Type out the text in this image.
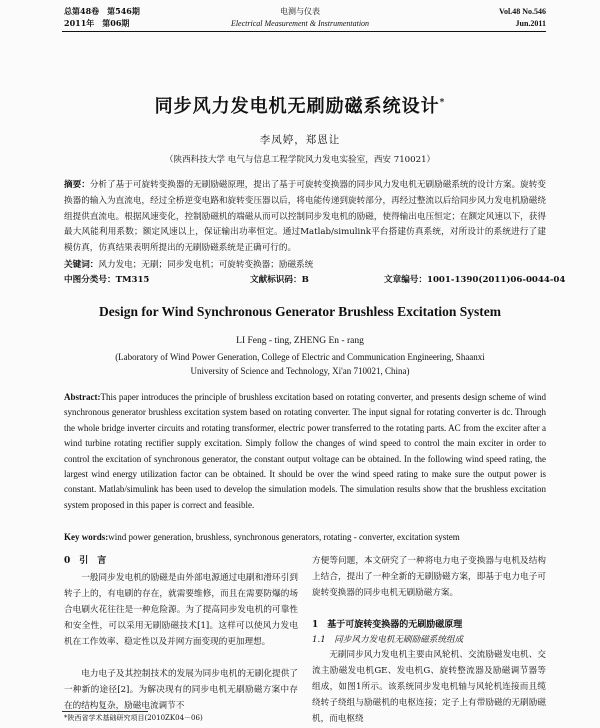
总第48卷　第546期
2011年　第06期
电测与仪表
Electrical Measurement & Instrumentation
Vol.48 No.546
Jun.2011
同步风力发电机无刷励磁系统设计*
李凤婷，郑恩让
（陕西科技大学 电气与信息工程学院风力发电实验室，西安 710021）
摘要：分析了基于可旋转变换器的无刷励磁原理，提出了基于可旋转变换器的同步风力发电机无刷励磁系统的设计方案。旋转变换器的输入为直流电，经过全桥逆变电路和旋转变压器以后，将电能传递到旋转部分，再经过整流以后给同步风力发电机励磁绕组提供直流电。根据风速变化，控制励磁机的端磁从而可以控制同步发电机的励磁，使得输出电压恒定；在额定风速以下，获得最大风能利用系数；额定风速以上，保证输出功率恒定。通过Matlab/simulink平台搭建仿真系统，对所设计的系统进行了建模仿真，仿真结果表明所提出的无刷励磁系统是正确可行的。
关键词：风力发电；无刷；同步发电机；可旋转变换器；励磁系统
中图分类号：TM315	文献标识码：B	文章编号：1001-1390(2011)06-0044-04
Design for Wind Synchronous Generator Brushless Excitation System
LI Feng - ting, ZHENG En - rang
(Laboratory of Wind Power Generation, College of Electric and Communication Engineering, Shaanxi
University of Science and Technology, Xi'an 710021, China)
Abstract:This paper introduces the principle of brushless excitation based on rotating converter, and presents design scheme of wind synchronous generator brushless excitation system based on rotating converter. The input signal for rotating converter is dc. Through the whole bridge inverter circuits and rotating transformer, electric power transferred to the rotating parts. AC from the exciter after a wind turbine rotating rectifier supply excitation. Simply follow the changes of wind speed to control the main exciter in order to control the excitation of synchronous generator, the constant output voltage can be obtained. In the following wind speed rating, the largest wind energy utilization factor can be obtained. It should be over the wind speed rating to make sure the output power is constant. Matlab/simulink has been used to develop the simulation models. The simulation results show that the brushless excitation system proposed in this paper is correct and feasible.
Key words:wind power generation, brushless, synchronous generators, rotating - converter, excitation system
0　引　言
一般同步发电机的励磁是由外部电源通过电刷和滑环引到转子上的，有电刷的存在，就需要维修，而且在需要防爆的场合电刷火花往往是一种危险源。为了提高同步发电机的可靠性和安全性，可以采用无刷励磁技术[1]。这样可以使风力发电机在工作效率、稳定性以及并网方面变现的更加理想。
电力电子及其控制技术的发展为同步电机的无刷化提供了一种新的途径[2]。为解决现有的同步电机无刷励磁方案中存在的结构复杂，励磁电流调节不
方便等问题，本文研究了一种将电力电子变换器与电机及结构上结合，提出了一种全新的无刷励磁方案，即基于电力电子可旋转变换器的同步电机无刷励磁方案。
1　基于可旋转变换器的无刷励磁原理
1.1　同步风力发电机无刷励磁系统组成
无刷同步风力发电机主要由风轮机、交流励磁发电机、交流主励磁发电机GE、发电机G、旋转整流器及励磁调节器等组成，如图1所示。该系统同步发电机轴与风轮机连接而且缆绕转子绕组与励磁机的电枢连接；定子上有带励磁的无刷励磁机，而电枢绕
*陕西省学术基础研究项目(2010ZK04－06)
